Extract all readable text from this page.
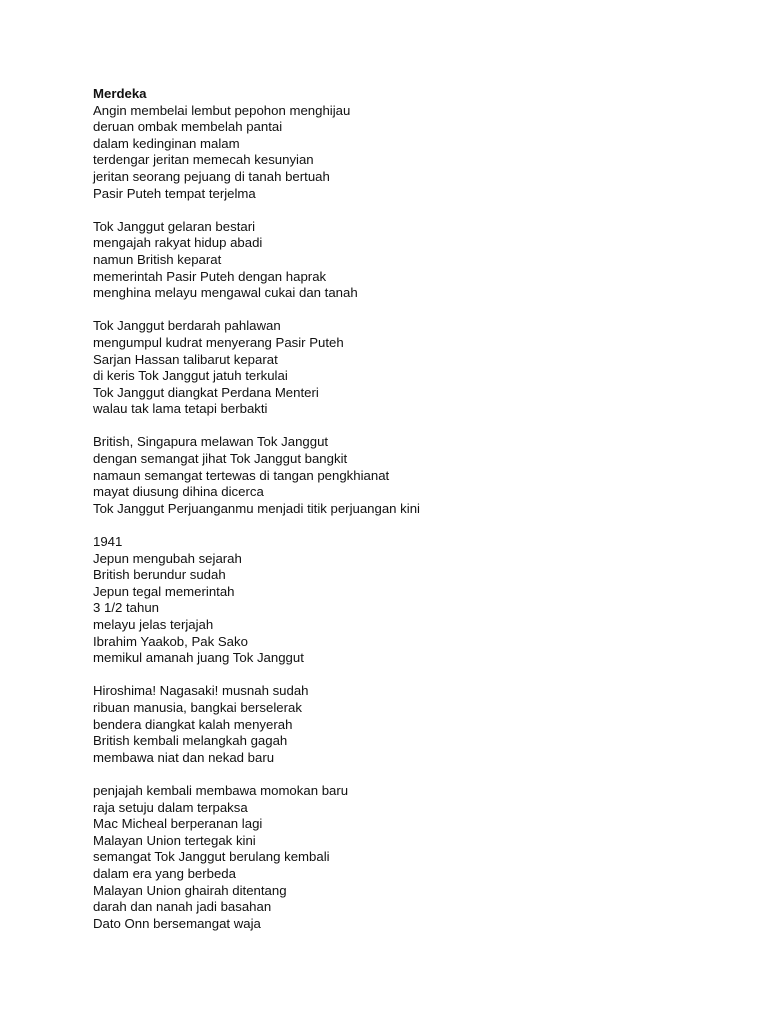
Merdeka
Angin membelai lembut pepohon menghijau
deruan ombak membelah pantai
dalam kedinginan malam
terdengar jeritan memecah kesunyian
jeritan seorang pejuang di tanah bertuah
Pasir Puteh tempat terjelma
Tok Janggut gelaran bestari
mengajah rakyat hidup abadi
namun British keparat
memerintah Pasir Puteh dengan haprak
menghina melayu mengawal cukai dan tanah
Tok Janggut berdarah pahlawan
mengumpul kudrat menyerang Pasir Puteh
Sarjan Hassan talibarut keparat
di keris Tok Janggut jatuh terkulai
Tok Janggut diangkat Perdana Menteri
walau tak lama tetapi berbakti
British, Singapura melawan Tok Janggut
dengan semangat jihat Tok Janggut bangkit
namaun semangat tertewas di tangan pengkhianat
mayat diusung dihina dicerca
Tok Janggut Perjuanganmu menjadi titik perjuangan kini
1941
Jepun mengubah sejarah
British berundur sudah
Jepun tegal memerintah
3 1/2 tahun
melayu jelas terjajah
Ibrahim Yaakob, Pak Sako
memikul amanah juang Tok Janggut
Hiroshima! Nagasaki! musnah sudah
ribuan manusia, bangkai berselerak
bendera diangkat kalah menyerah
British kembali melangkah gagah
membawa niat dan nekad baru
penjajah kembali membawa momokan baru
raja setuju dalam terpaksa
Mac Micheal berperanan lagi
Malayan Union tertegak kini
semangat Tok Janggut berulang kembali
dalam era yang berbeda
Malayan Union ghairah ditentang
darah dan nanah jadi basahan
Dato Onn bersemangat waja
